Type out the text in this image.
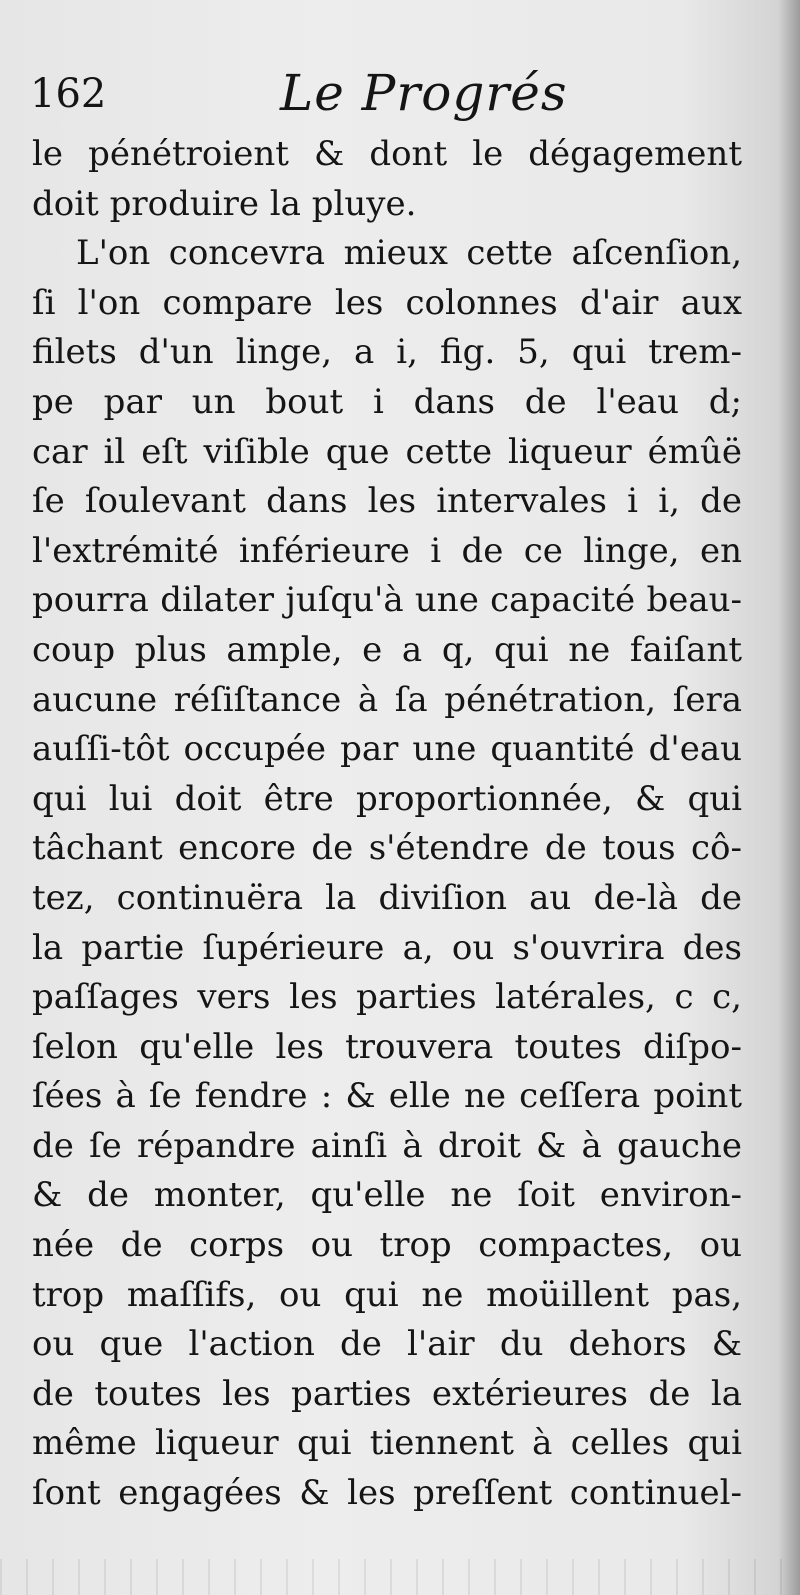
162	Le Progrés
le pénétroient & dont le dégagement
doit produire la pluye.
L'on concevra mieux cette aſcenſion,
ſi l'on compare les colonnes d'air aux
filets d'un linge, a i, fig. 5, qui trem-
pe par un bout i dans de l'eau d;
car il eſt viſible que cette liqueur émûë
ſe ſoulevant dans les intervales i i, de
l'extrémité inférieure i de ce linge, en
pourra dilater juſqu'à une capacité beau-
coup plus ample, e a q, qui ne faiſant
aucune réſiſtance à ſa pénétration, ſera
auſſi-tôt occupée par une quantité d'eau
qui lui doit être proportionnée, & qui
tâchant encore de s'étendre de tous cô-
tez, continuëra la diviſion au de-là de
la partie ſupérieure a, ou s'ouvrira des
paſſages vers les parties latérales, c c,
ſelon qu'elle les trouvera toutes diſpo-
ſées à ſe fendre : & elle ne ceſſera point
de ſe répandre ainſi à droit & à gauche
& de monter, qu'elle ne ſoit environ-
née de corps ou trop compactes, ou
trop maſſifs, ou qui ne moüillent pas,
ou que l'action de l'air du dehors &
de toutes les parties extérieures de la
même liqueur qui tiennent à celles qui
ſont engagées & les preſſent continuel-
